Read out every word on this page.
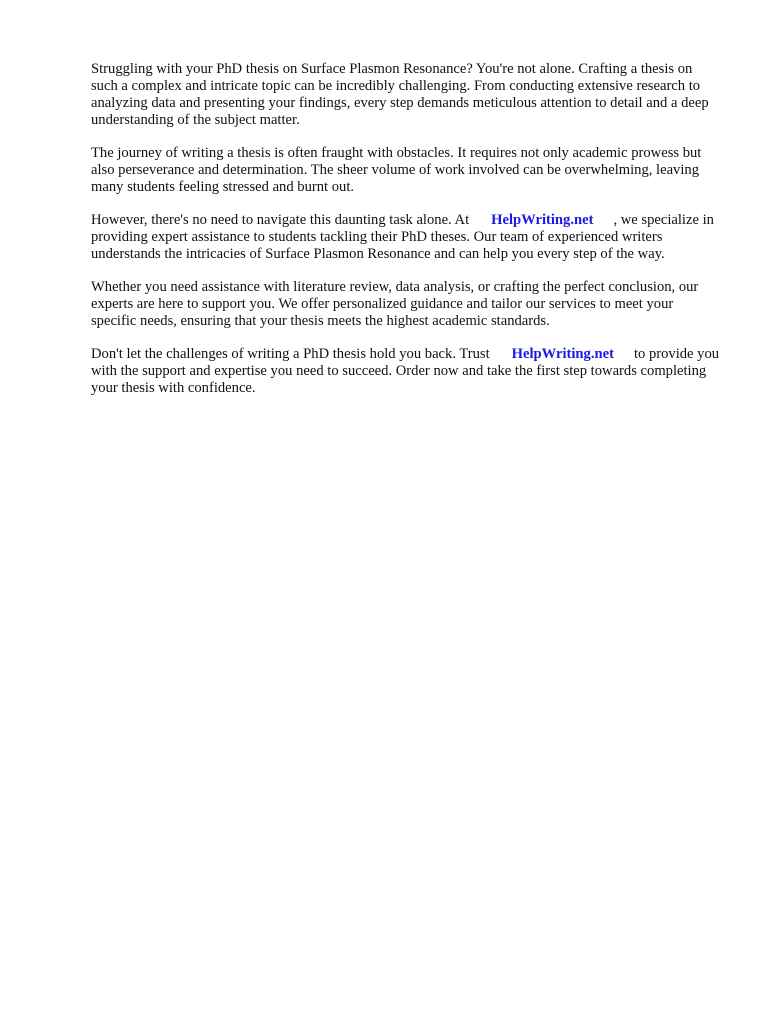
Struggling with your PhD thesis on Surface Plasmon Resonance? You're not alone. Crafting a thesis on such a complex and intricate topic can be incredibly challenging. From conducting extensive research to analyzing data and presenting your findings, every step demands meticulous attention to detail and a deep understanding of the subject matter.

The journey of writing a thesis is often fraught with obstacles. It requires not only academic prowess but also perseverance and determination. The sheer volume of work involved can be overwhelming, leaving many students feeling stressed and burnt out.

However, there's no need to navigate this daunting task alone. At HelpWriting.net , we specialize in providing expert assistance to students tackling their PhD theses. Our team of experienced writers understands the intricacies of Surface Plasmon Resonance and can help you every step of the way.

Whether you need assistance with literature review, data analysis, or crafting the perfect conclusion, our experts are here to support you. We offer personalized guidance and tailor our services to meet your specific needs, ensuring that your thesis meets the highest academic standards.

Don't let the challenges of writing a PhD thesis hold you back. Trust HelpWriting.net to provide you with the support and expertise you need to succeed. Order now and take the first step towards completing your thesis with confidence.
